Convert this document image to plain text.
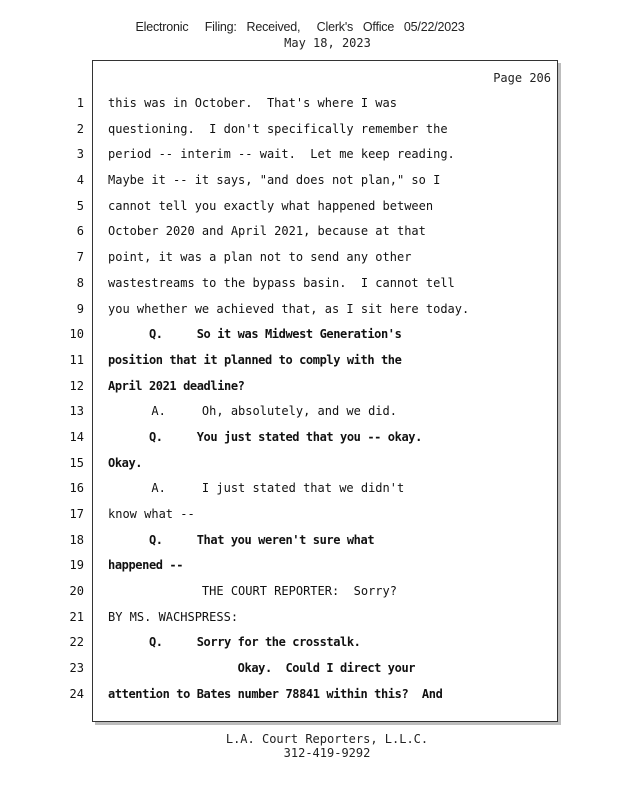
Electronic     Filing:   Received,     Clerk's   Office   05/22/2023
May 18, 2023
Page 206
1
2
3
4
5
6
7
8
9
10
11
12
13
14
15
16
17
18
19
20
21
22
23
24
this was in October.  That's where I was
questioning.  I don't specifically remember the
period -- interim -- wait.  Let me keep reading.
Maybe it -- it says, "and does not plan," so I
cannot tell you exactly what happened between
October 2020 and April 2021, because at that
point, it was a plan not to send any other
wastestreams to the bypass basin.  I cannot tell
you whether we achieved that, as I sit here today.
Q.     So it was Midwest Generation's
position that it planned to comply with the
April 2021 deadline?
A.     Oh, absolutely, and we did.
Q.     You just stated that you -- okay.
Okay.
A.     I just stated that we didn't
know what --
Q.     That you weren't sure what
happened --
THE COURT REPORTER:  Sorry?
BY MS. WACHSPRESS:
Q.     Sorry for the crosstalk.
Okay.  Could I direct your
attention to Bates number 78841 within this?  And
L.A. Court Reporters, L.L.C.
312-419-9292
